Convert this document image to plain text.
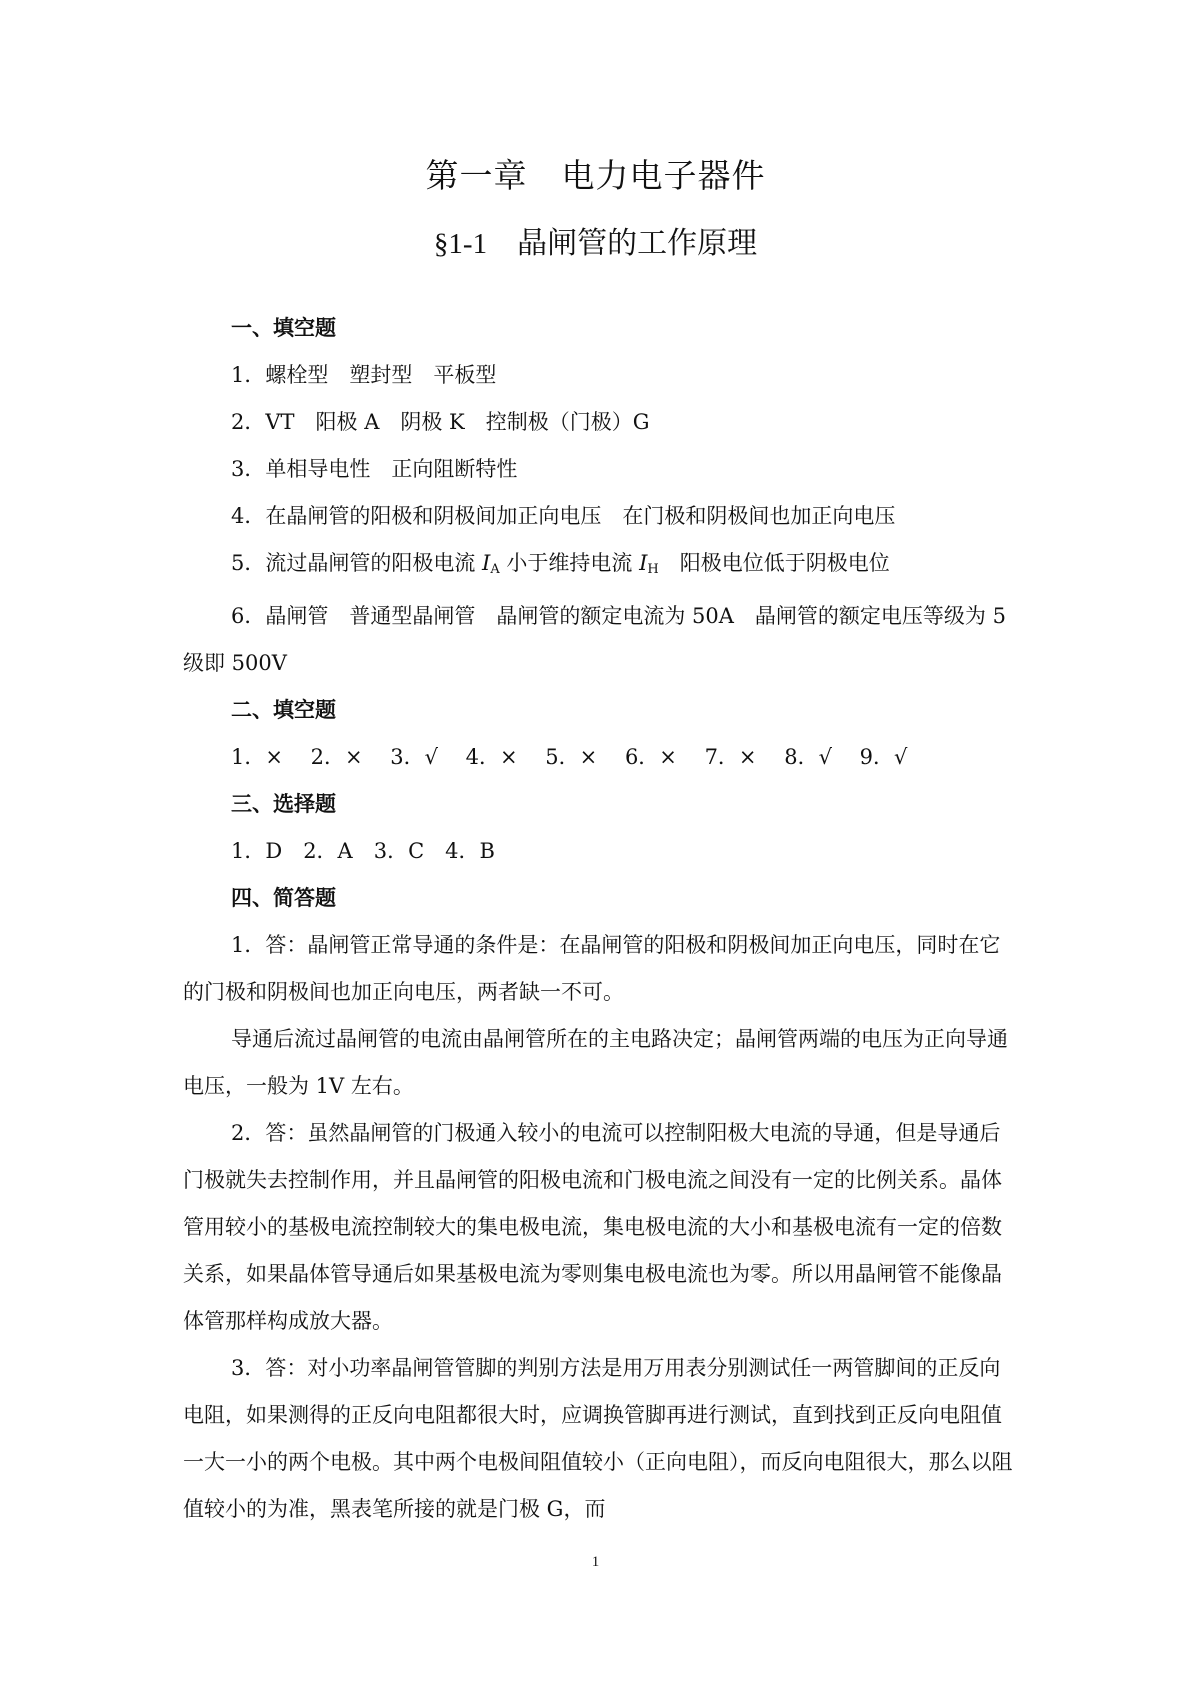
第一章　电力电子器件
§1-1　 晶闸管的工作原理

一、填空题

1．螺栓型　塑封型　平板型

2．VT　阳极 A　阴极 K　控制极（门极）G

3．单相导电性　正向阻断特性

4．在晶闸管的阳极和阴极间加正向电压　在门极和阴极间也加正向电压

5．流过晶闸管的阳极电流 $I_A$ 小于维持电流 $I_H$　阳极电位低于阴极电位

6．晶闸管　普通型晶闸管　晶闸管的额定电流为 50A　晶闸管的额定电压等级为 5 级即 500V

二、填空题

1．×　 2．×　 3．√　 4．×　 5．×　 6．×　 7．×　 8．√　 9．√

三、选择题

1．D　2．A　3．C　4．B

四、简答题

1．答：晶闸管正常导通的条件是：在晶闸管的阳极和阴极间加正向电压，同时在它的门极和阴极间也加正向电压，两者缺一不可。

导通后流过晶闸管的电流由晶闸管所在的主电路决定；晶闸管两端的电压为正向导通电压，一般为 1V 左右。

2．答：虽然晶闸管的门极通入较小的电流可以控制阳极大电流的导通，但是导通后门极就失去控制作用，并且晶闸管的阳极电流和门极电流之间没有一定的比例关系。晶体管用较小的基极电流控制较大的集电极电流，集电极电流的大小和基极电流有一定的倍数关系，如果晶体管导通后如果基极电流为零则集电极电流也为零。所以用晶闸管不能像晶体管那样构成放大器。

3．答：对小功率晶闸管管脚的判别方法是用万用表分别测试任一两管脚间的正反向电阻，如果测得的正反向电阻都很大时，应调换管脚再进行测试，直到找到正反向电阻值一大一小的两个电极。其中两个电极间阻值较小（正向电阻），而反向电阻很大，那么以阻值较小的为准，黑表笔所接的就是门极 G，而

1
